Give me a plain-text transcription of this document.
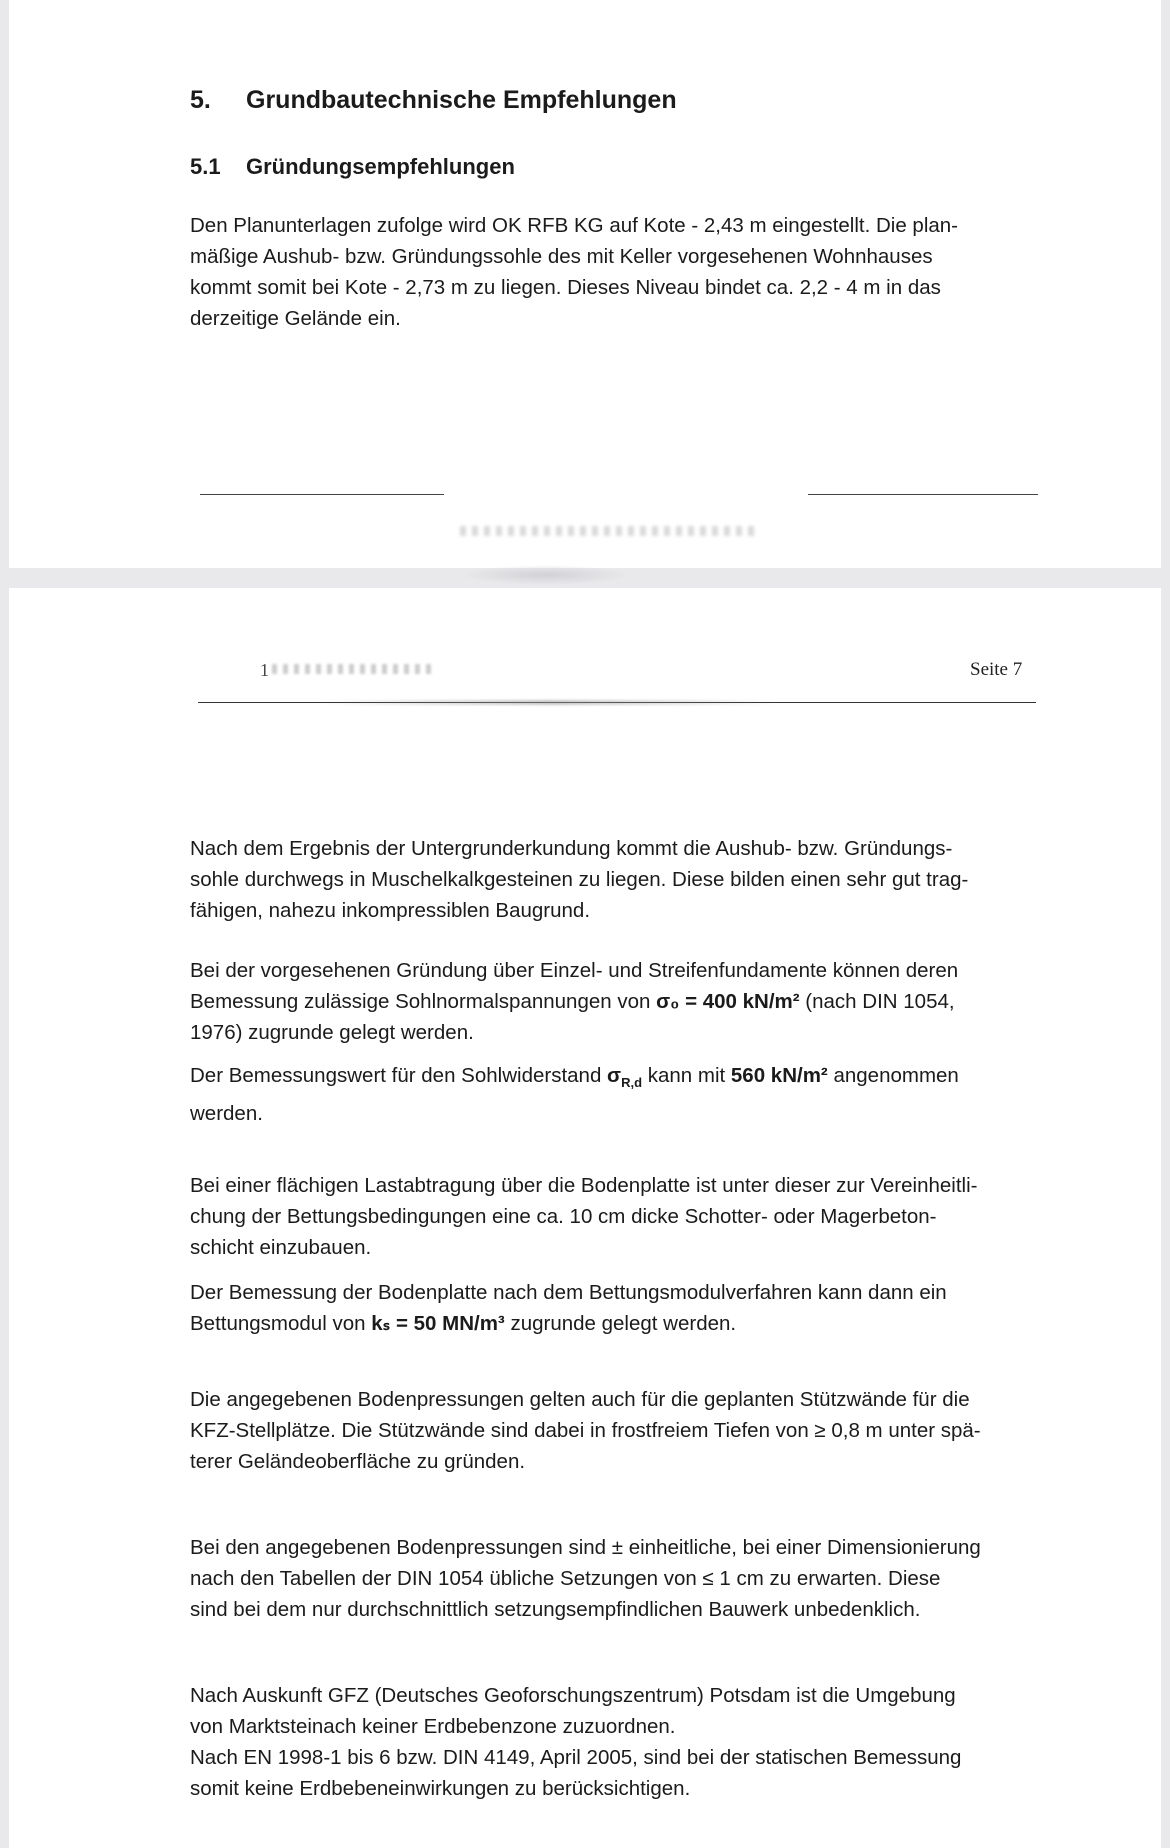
5. Grundbautechnische Empfehlungen
5.1 Gründungsempfehlungen

Den Planunterlagen zufolge wird OK RFB KG auf Kote - 2,43 m eingestellt. Die plan-
mäßige Aushub- bzw. Gründungssohle des mit Keller vorgesehenen Wohnhauses
kommt somit bei Kote - 2,73 m zu liegen. Dieses Niveau bindet ca. 2,2 - 4 m in das
derzeitige Gelände ein.

1	Seite 7

Nach dem Ergebnis der Untergrunderkundung kommt die Aushub- bzw. Gründungs-
sohle durchwegs in Muschelkalkgesteinen zu liegen. Diese bilden einen sehr gut trag-
fähigen, nahezu inkompressiblen Baugrund.

Bei der vorgesehenen Gründung über Einzel- und Streifenfundamente können deren
Bemessung zulässige Sohlnormalspannungen von σ₀ = 400 kN/m² (nach DIN 1054,
1976) zugrunde gelegt werden.

Der Bemessungswert für den Sohlwiderstand $\sigma_{R,d}$ kann mit 560 kN/m² angenommen
werden.

Bei einer flächigen Lastabtragung über die Bodenplatte ist unter dieser zur Vereinheitli-
chung der Bettungsbedingungen eine ca. 10 cm dicke Schotter- oder Magerbeton-
schicht einzubauen.

Der Bemessung der Bodenplatte nach dem Bettungsmodulverfahren kann dann ein
Bettungsmodul von kₛ = 50 MN/m³ zugrunde gelegt werden.

Die angegebenen Bodenpressungen gelten auch für die geplanten Stützwände für die
KFZ-Stellplätze. Die Stützwände sind dabei in frostfreiem Tiefen von ≥ 0,8 m unter spä-
terer Geländeoberfläche zu gründen.

Bei den angegebenen Bodenpressungen sind ± einheitliche, bei einer Dimensionierung
nach den Tabellen der DIN 1054 übliche Setzungen von ≤ 1 cm zu erwarten. Diese
sind bei dem nur durchschnittlich setzungsempfindlichen Bauwerk unbedenklich.

Nach Auskunft GFZ (Deutsches Geoforschungszentrum) Potsdam ist die Umgebung
von Marktsteinach keiner Erdbebenzone zuzuordnen.
Nach EN 1998-1 bis 6 bzw. DIN 4149, April 2005, sind bei der statischen Bemessung
somit keine Erdbebeneinwirkungen zu berücksichtigen.
